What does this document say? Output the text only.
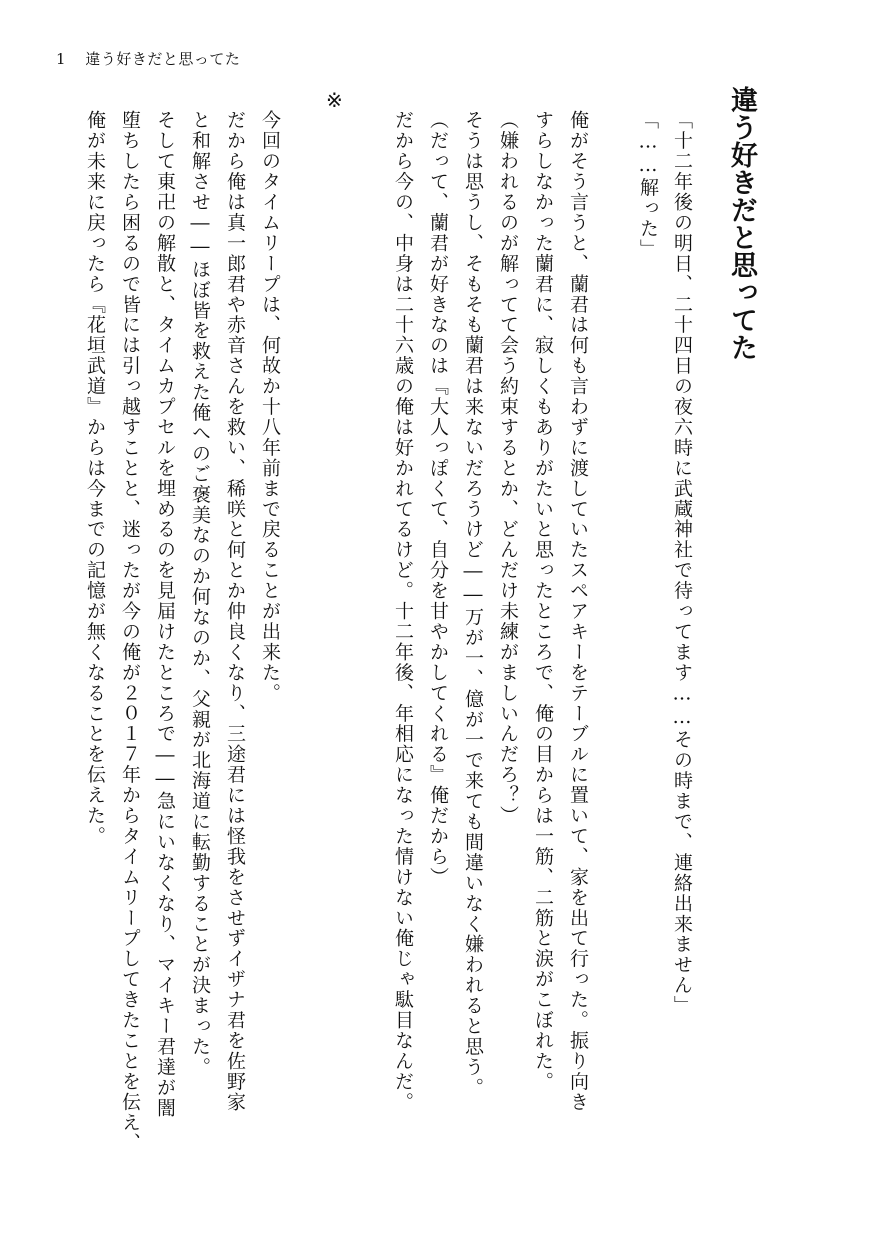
1 違う好きだと思ってた
違う好きだと思ってた
「十二年後の明日、二十四日の夜六時に武蔵神社で待ってます……その時まで、連絡出来ません」
「……解った」
俺がそう言うと、蘭君は何も言わずに渡していたスペアキーをテーブルに置いて、家を出て行った。振り向き
すらしなかった蘭君に、寂しくもありがたいと思ったところで、俺の目からは一筋、二筋と涙がこぼれた。
（嫌われるのが解ってて会う約束するとか、どんだけ未練がましいんだろ？）
そうは思うし、そもそも蘭君は来ないだろうけど――万が一、億が一で来ても間違いなく嫌われると思う。
（だって、蘭君が好きなのは『大人っぽくて、自分を甘やかしてくれる』俺だから）
だから今の、中身は二十六歳の俺は好かれてるけど。十二年後、年相応になった情けない俺じゃ駄目なんだ。
※
今回のタイムリープは、何故か十八年前まで戻ることが出来た。
だから俺は真一郎君や赤音さんを救い、稀咲と何とか仲良くなり、三途君には怪我をさせずイザナ君を佐野家
と和解させ――ほぼ皆を救えた俺へのご褒美なのか何なのか、父親が北海道に転勤することが決まった。
そして東卍の解散と、タイムカプセルを埋めるのを見届けたところで――急にいなくなり、マイキー君達が闇
堕ちしたら困るので皆には引っ越すことと、迷ったが今の俺が２０１７年からタイムリープしてきたことを伝え、
俺が未来に戻ったら『花垣武道』からは今までの記憶が無くなることを伝えた。
